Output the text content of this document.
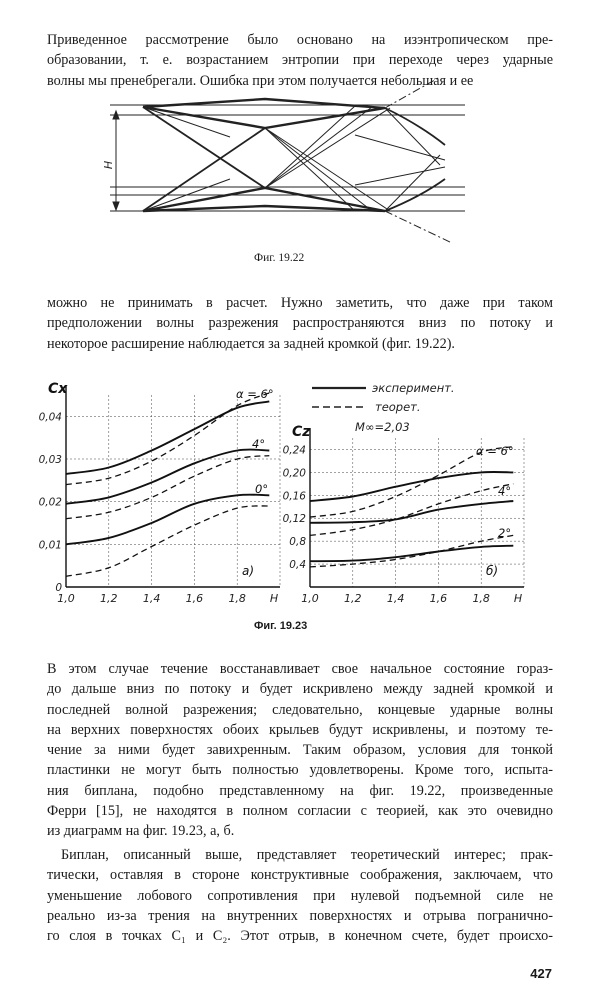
Приведенное рассмотрение было основано на изэнтропическом пре-
образовании, т. е. возрастанием энтропии при переходе через ударные
волны мы пренебрегали. Ошибка при этом получается небольшая и ее
H
Фиг. 19.22
можно не принимать в расчет. Нужно заметить, что даже при таком
предположении волны разрежения распространяются вниз по потоку и
некоторое расширение наблюдается за задней кромкой (фиг. 19.22).
1,0 1,2 1,4 1,6 1,8 H
0
0,01
0,02
0,03
0,04
Cx	α = 6°
4°
0°
а)
1,0 1,2 1,4 1,6 1,8 H
0,4
0,8
0,12
0,16
0,20
0,24
Cz
α = 6°
4°
2°
б)
эксперимент.
теорет.
M∞=2,03
Фиг. 19.23
В этом случае течение восстанавливает свое начальное состояние гораз-
до дальше вниз по потоку и будет искривлено между задней кромкой и
последней волной разрежения; следовательно, концевые ударные волны
на верхних поверхностях обоих крыльев будут искривлены, и поэтому те-
чение за ними будет завихренным. Таким образом, условия для тонкой
пластинки не могут быть полностью удовлетворены. Кроме того, испыта-
ния биплана, подобно представленному на фиг. 19.22, произведенные
Ферри [15], не находятся в полном согласии с теорией, как это очевидно
из диаграмм на фиг. 19.23, а, б.
Биплан, описанный выше, представляет теоретический интерес; прак-
тически, оставляя в стороне конструктивные соображения, заключаем, что
уменьшение лобового сопротивления при нулевой подъемной силе не
реально из-за трения на внутренних поверхностях и отрыва погранично-
го слоя в точках C₁ и C₂. Этот отрыв, в конечном счете, будет происхо-
427
